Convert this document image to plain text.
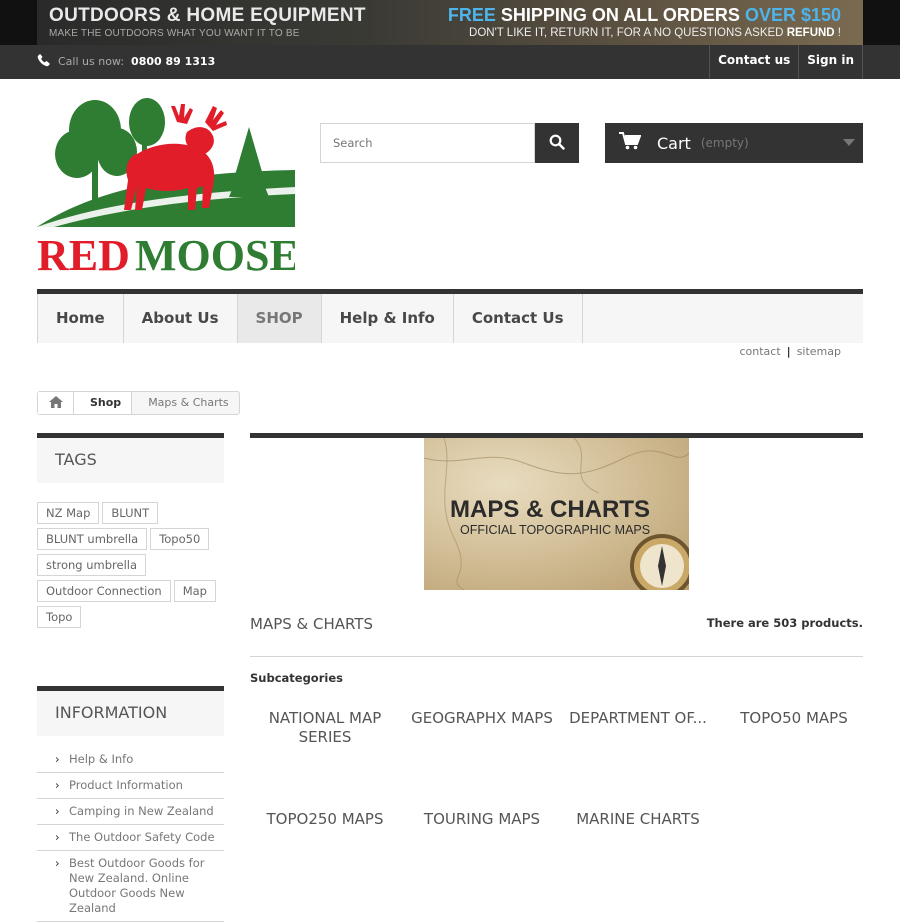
OUTDOORS & HOME EQUIPMENT
MAKE THE OUTDOORS WHAT YOU WANT IT TO BE
FREE SHIPPING ON ALL ORDERS OVER $150
DON'T LIKE IT, RETURN IT, FOR A NO QUESTIONS ASKED REFUND !
Call us now: 0800 89 1313	Contact us	Sign in
RED MOOSE
Search
Cart (empty)
Home	About Us	SHOP	Help & Info	Contact Us
contact | sitemap
Shop	Maps & Charts
TAGS
NZ Map	BLUNT
BLUNT umbrella	Topo50
strong umbrella
Outdoor Connection	Map
Topo
INFORMATION
› Help & Info
› Product Information
› Camping in New Zealand
› The Outdoor Safety Code
› Best Outdoor Goods for New Zealand. Online Outdoor Goods New Zealand
MAPS & CHARTS
OFFICIAL TOPOGRAPHIC MAPS
MAPS & CHARTS	There are 503 products.
Subcategories
NATIONAL MAP SERIES
GEOGRAPHX MAPS	DEPARTMENT OF...	TOPO50 MAPS
TOPO250 MAPS	TOURING MAPS	MARINE CHARTS
